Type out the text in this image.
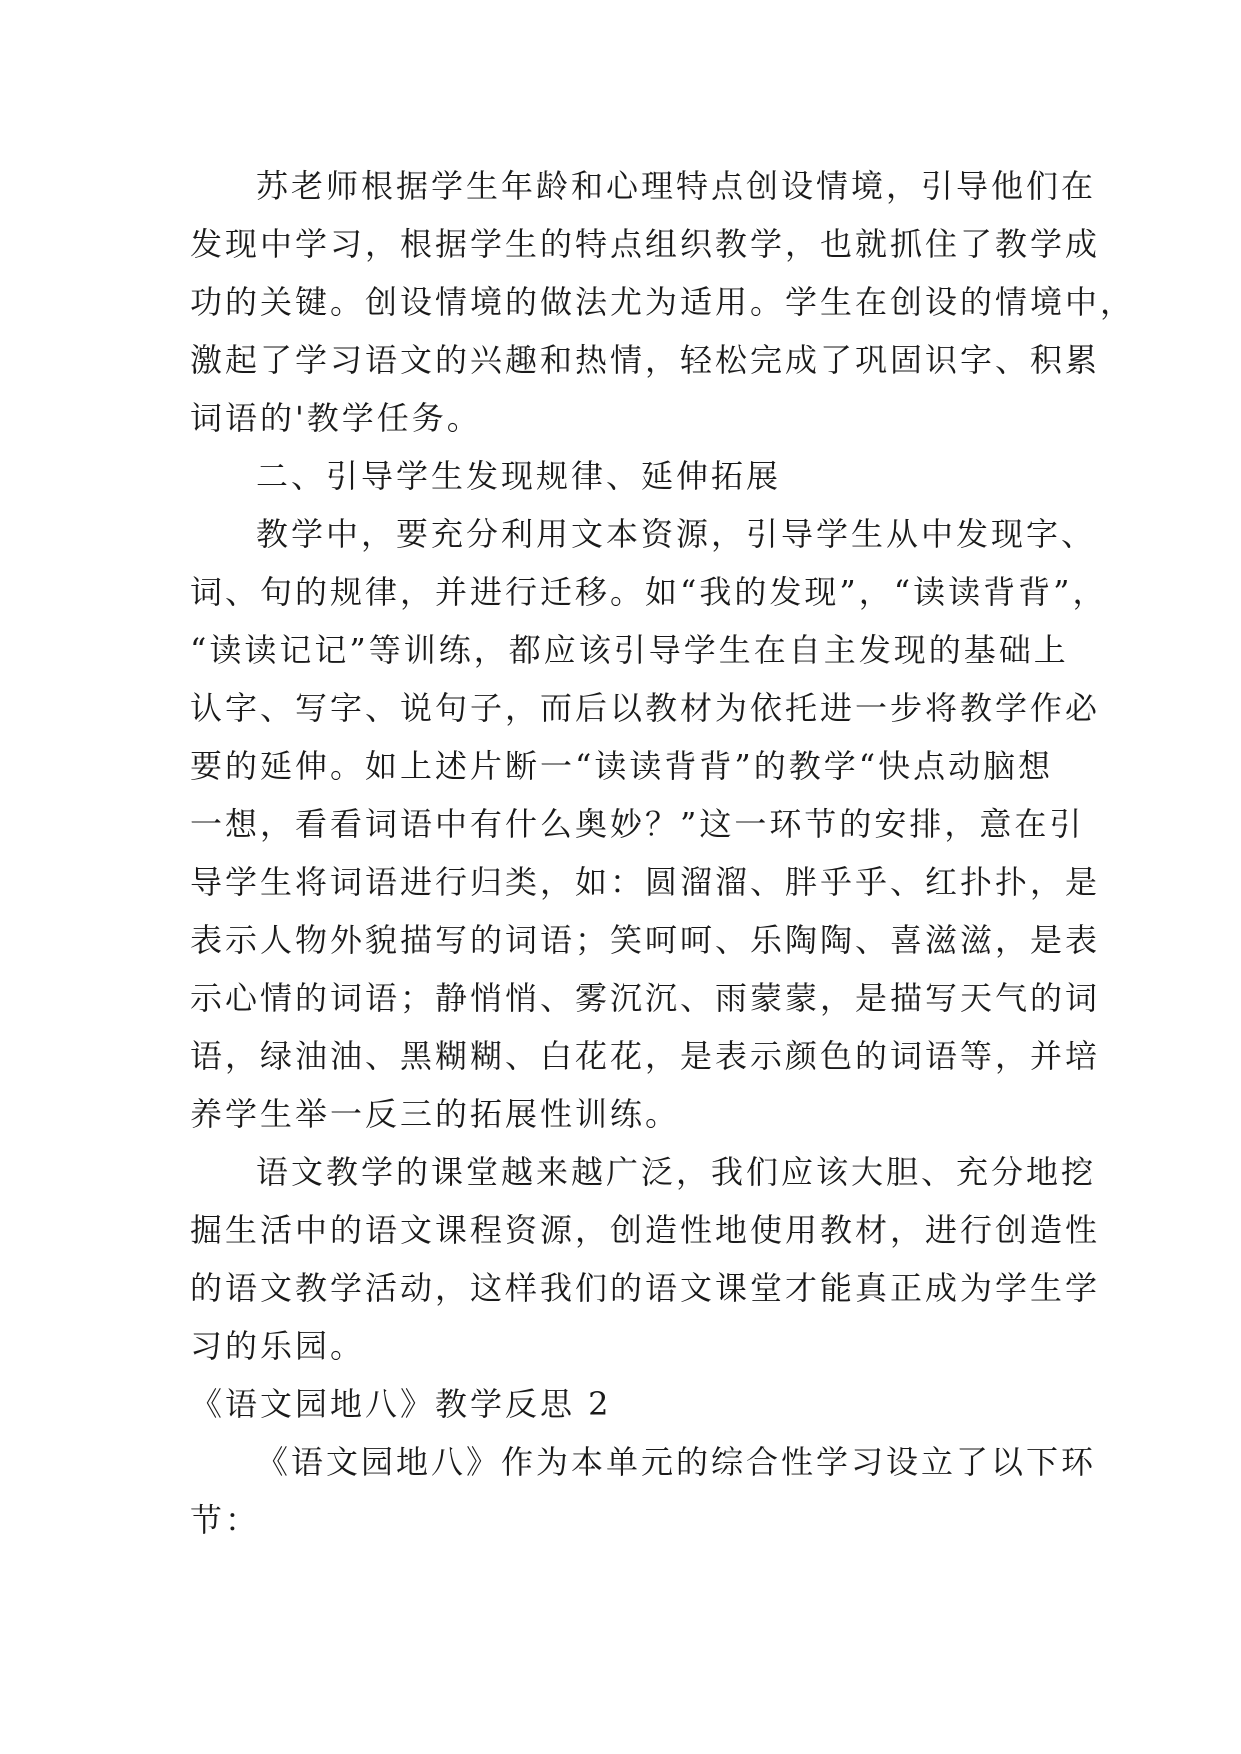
苏老师根据学生年龄和心理特点创设情境，引导他们在
发现中学习，根据学生的特点组织教学，也就抓住了教学成
功的关键。创设情境的做法尤为适用。学生在创设的情境中，
激起了学习语文的兴趣和热情，轻松完成了巩固识字、积累
词语的'教学任务。
二、引导学生发现规律、延伸拓展
教学中，要充分利用文本资源，引导学生从中发现字、
词、句的规律，并进行迁移。如“我的发现”，“读读背背”，
“读读记记”等训练，都应该引导学生在自主发现的基础上
认字、写字、说句子，而后以教材为依托进一步将教学作必
要的延伸。如上述片断一“读读背背”的教学“快点动脑想
一想，看看词语中有什么奥妙？”这一环节的安排，意在引
导学生将词语进行归类，如：圆溜溜、胖乎乎、红扑扑，是
表示人物外貌描写的词语；笑呵呵、乐陶陶、喜滋滋，是表
示心情的词语；静悄悄、雾沉沉、雨蒙蒙，是描写天气的词
语，绿油油、黑糊糊、白花花，是表示颜色的词语等，并培
养学生举一反三的拓展性训练。
语文教学的课堂越来越广泛，我们应该大胆、充分地挖
掘生活中的语文课程资源，创造性地使用教材，进行创造性
的语文教学活动，这样我们的语文课堂才能真正成为学生学
习的乐园。
《语文园地八》教学反思 2
《语文园地八》作为本单元的综合性学习设立了以下环
节：
